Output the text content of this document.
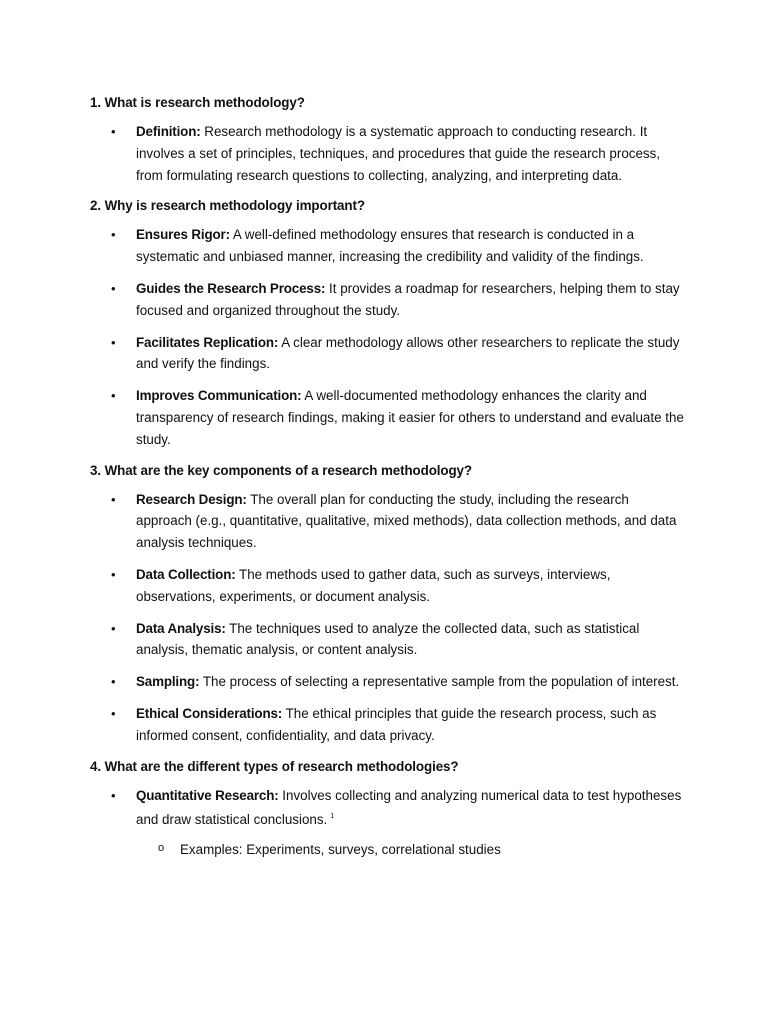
1. What is research methodology?
• Definition: Research methodology is a systematic approach to conducting research. It involves a set of principles, techniques, and procedures that guide the research process, from formulating research questions to collecting, analyzing, and interpreting data.
2. Why is research methodology important?
• Ensures Rigor: A well-defined methodology ensures that research is conducted in a systematic and unbiased manner, increasing the credibility and validity of the findings.
• Guides the Research Process: It provides a roadmap for researchers, helping them to stay focused and organized throughout the study.
• Facilitates Replication: A clear methodology allows other researchers to replicate the study and verify the findings.
• Improves Communication: A well-documented methodology enhances the clarity and transparency of research findings, making it easier for others to understand and evaluate the study.
3. What are the key components of a research methodology?
• Research Design: The overall plan for conducting the study, including the research approach (e.g., quantitative, qualitative, mixed methods), data collection methods, and data analysis techniques.
• Data Collection: The methods used to gather data, such as surveys, interviews, observations, experiments, or document analysis.
• Data Analysis: The techniques used to analyze the collected data, such as statistical analysis, thematic analysis, or content analysis.
• Sampling: The process of selecting a representative sample from the population of interest.
• Ethical Considerations: The ethical principles that guide the research process, such as informed consent, confidentiality, and data privacy.
4. What are the different types of research methodologies?
• Quantitative Research: Involves collecting and analyzing numerical data to test hypotheses and draw statistical conclusions. $^1$
o Examples: Experiments, surveys, correlational studies
